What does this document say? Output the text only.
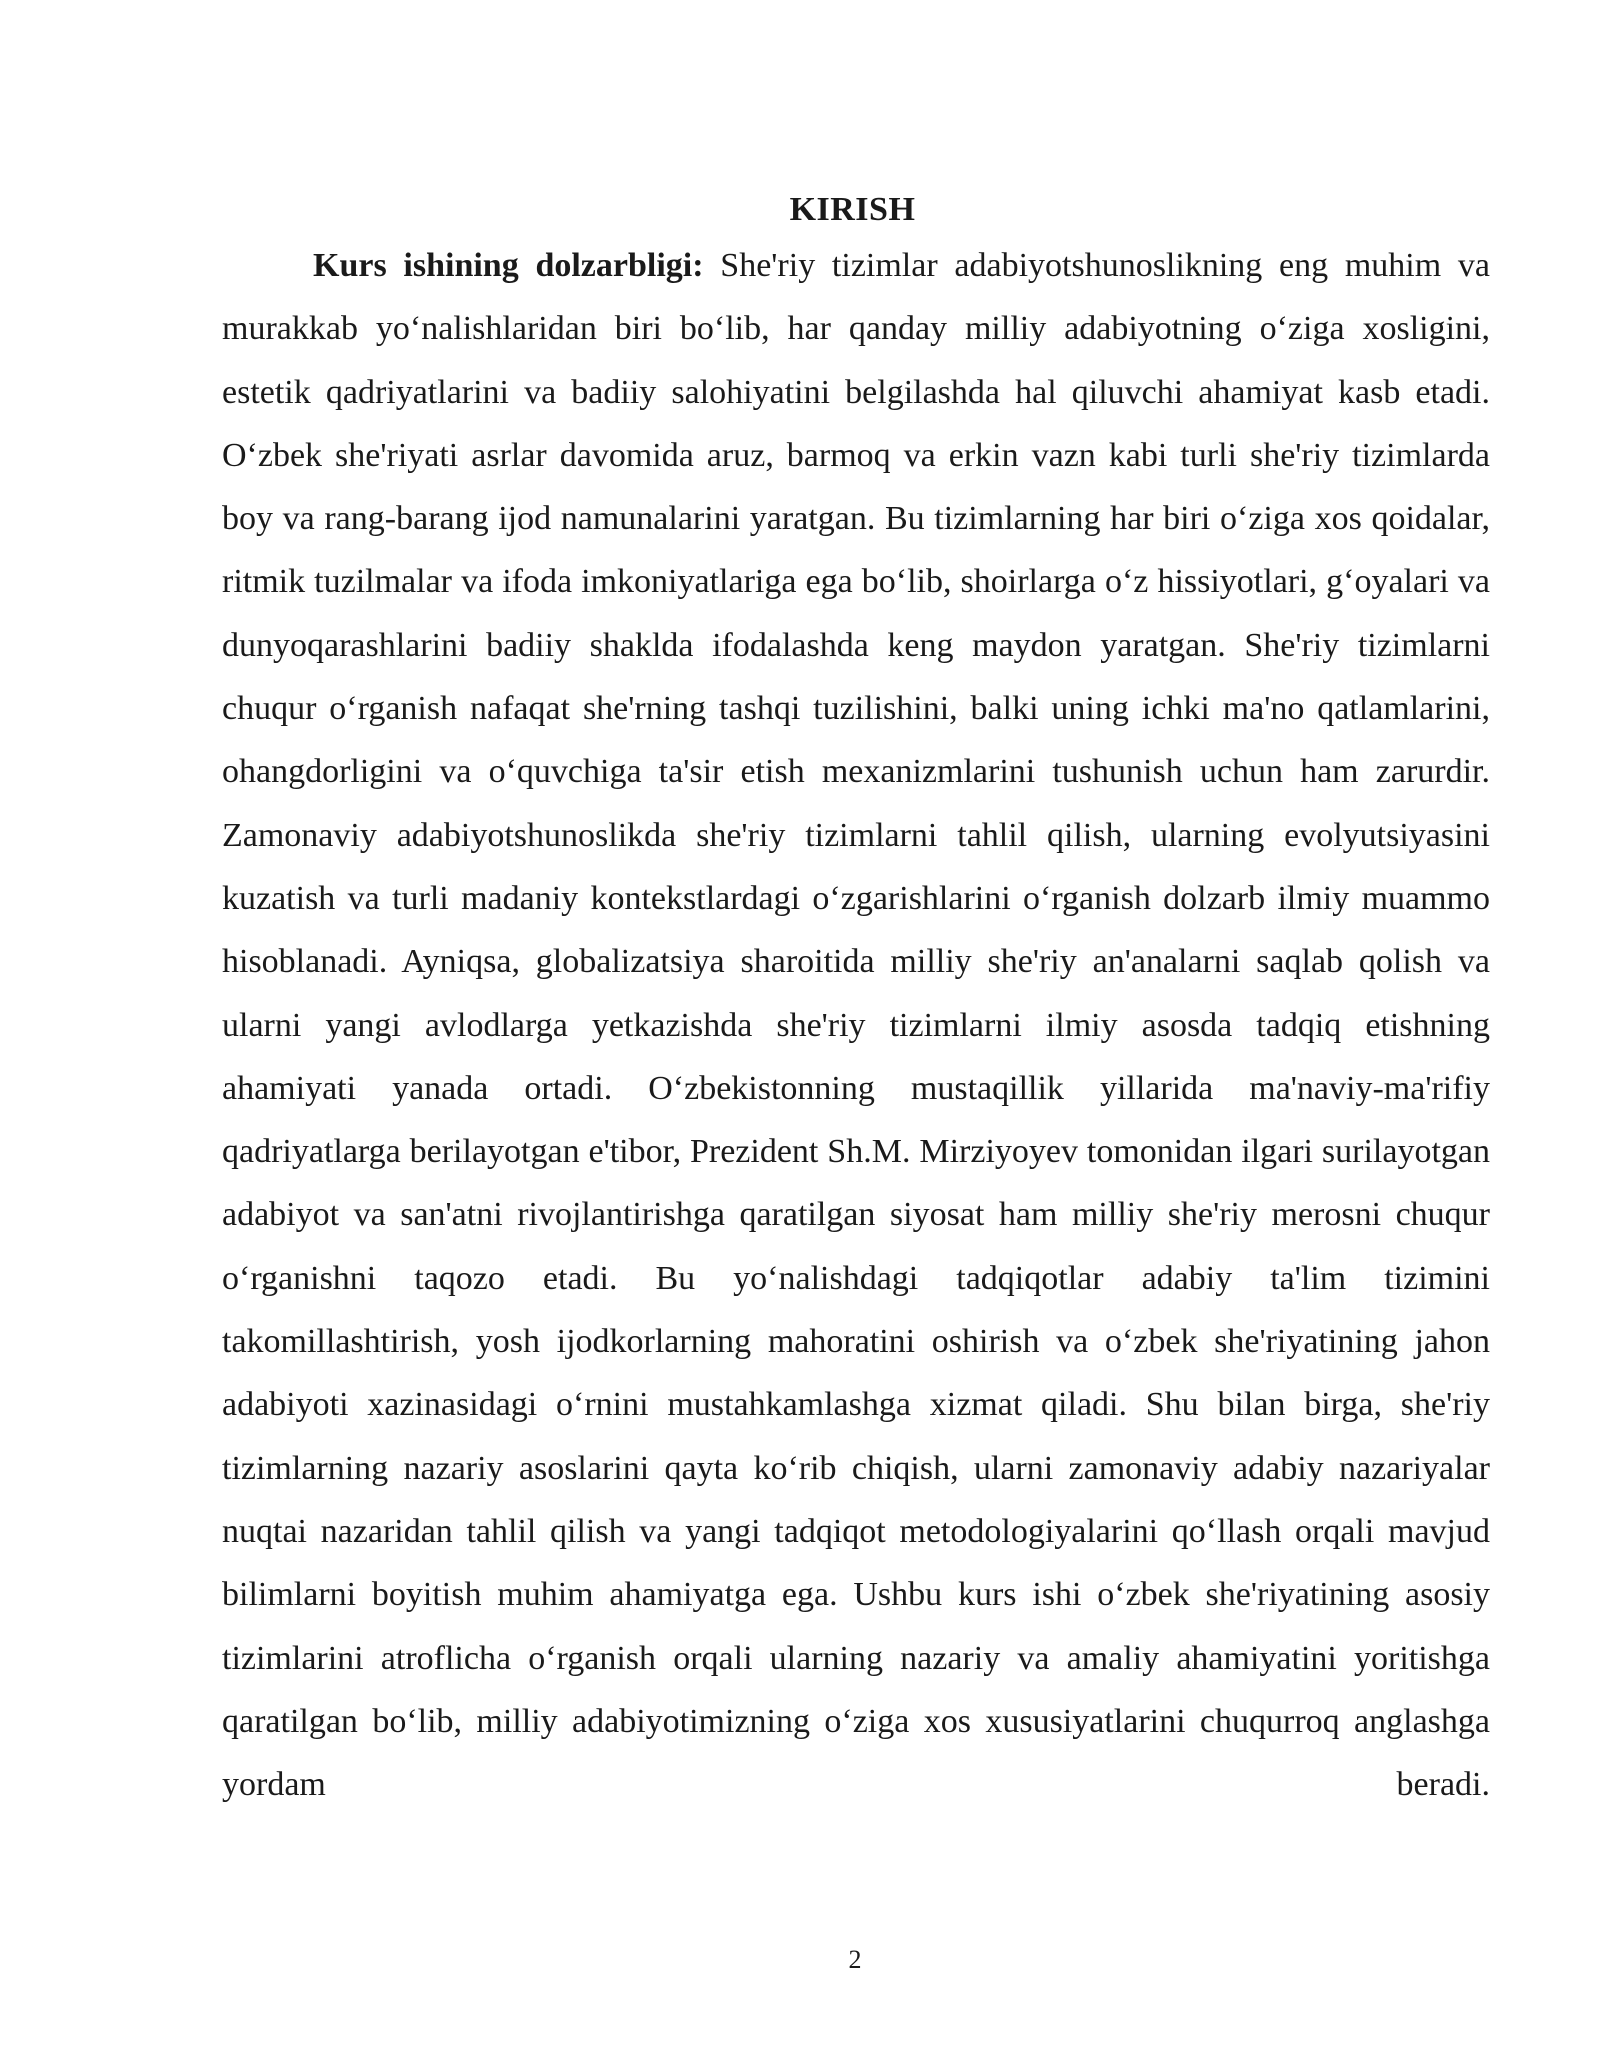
KIRISH

Kurs ishining dolzarbligi: She'riy tizimlar adabiyotshunoslikning eng muhim va murakkab yo‘nalishlaridan biri bo‘lib, har qanday milliy adabiyotning o‘ziga xosligini, estetik qadriyatlarini va badiiy salohiyatini belgilashda hal qiluvchi ahamiyat kasb etadi. O‘zbek she'riyati asrlar davomida aruz, barmoq va erkin vazn kabi turli she'riy tizimlarda boy va rang-barang ijod namunalarini yaratgan. Bu tizimlarning har biri o‘ziga xos qoidalar, ritmik tuzilmalar va ifoda imkoniyatlariga ega bo‘lib, shoirlarga o‘z hissiyotlari, g‘oyalari va dunyoqarashlarini badiiy shaklda ifodalashda keng maydon yaratgan. She'riy tizimlarni chuqur o‘rganish nafaqat she'rning tashqi tuzilishini, balki uning ichki ma'no qatlamlarini, ohangdorligini va o‘quvchiga ta'sir etish mexanizmlarini tushunish uchun ham zarurdir. Zamonaviy adabiyotshunoslikda she'riy tizimlarni tahlil qilish, ularning evolyutsiyasini kuzatish va turli madaniy kontekstlardagi o‘zgarishlarini o‘rganish dolzarb ilmiy muammo hisoblanadi. Ayniqsa, globalizatsiya sharoitida milliy she'riy an'analarni saqlab qolish va ularni yangi avlodlarga yetkazishda she'riy tizimlarni ilmiy asosda tadqiq etishning ahamiyati yanada ortadi. O‘zbekistonning mustaqillik yillarida ma'naviy-ma'rifiy qadriyatlarga berilayotgan e'tibor, Prezident Sh.M. Mirziyoyev tomonidan ilgari surilayotgan adabiyot va san'atni rivojlantirishga qaratilgan siyosat ham milliy she'riy merosni chuqur o‘rganishni taqozo etadi. Bu yo‘nalishdagi tadqiqotlar adabiy ta'lim tizimini takomillashtirish, yosh ijodkorlarning mahoratini oshirish va o‘zbek she'riyatining jahon adabiyoti xazinasidagi o‘rnini mustahkamlashga xizmat qiladi. Shu bilan birga, she'riy tizimlarning nazariy asoslarini qayta ko‘rib chiqish, ularni zamonaviy adabiy nazariyalar nuqtai nazaridan tahlil qilish va yangi tadqiqot metodologiyalarini qo‘llash orqali mavjud bilimlarni boyitish muhim ahamiyatga ega. Ushbu kurs ishi o‘zbek she'riyatining asosiy tizimlarini atroflicha o‘rganish orqali ularning nazariy va amaliy ahamiyatini yoritishga qaratilgan bo‘lib, milliy adabiyotimizning o‘ziga xos xususiyatlarini chuqurroq anglashga yordam beradi.

2
